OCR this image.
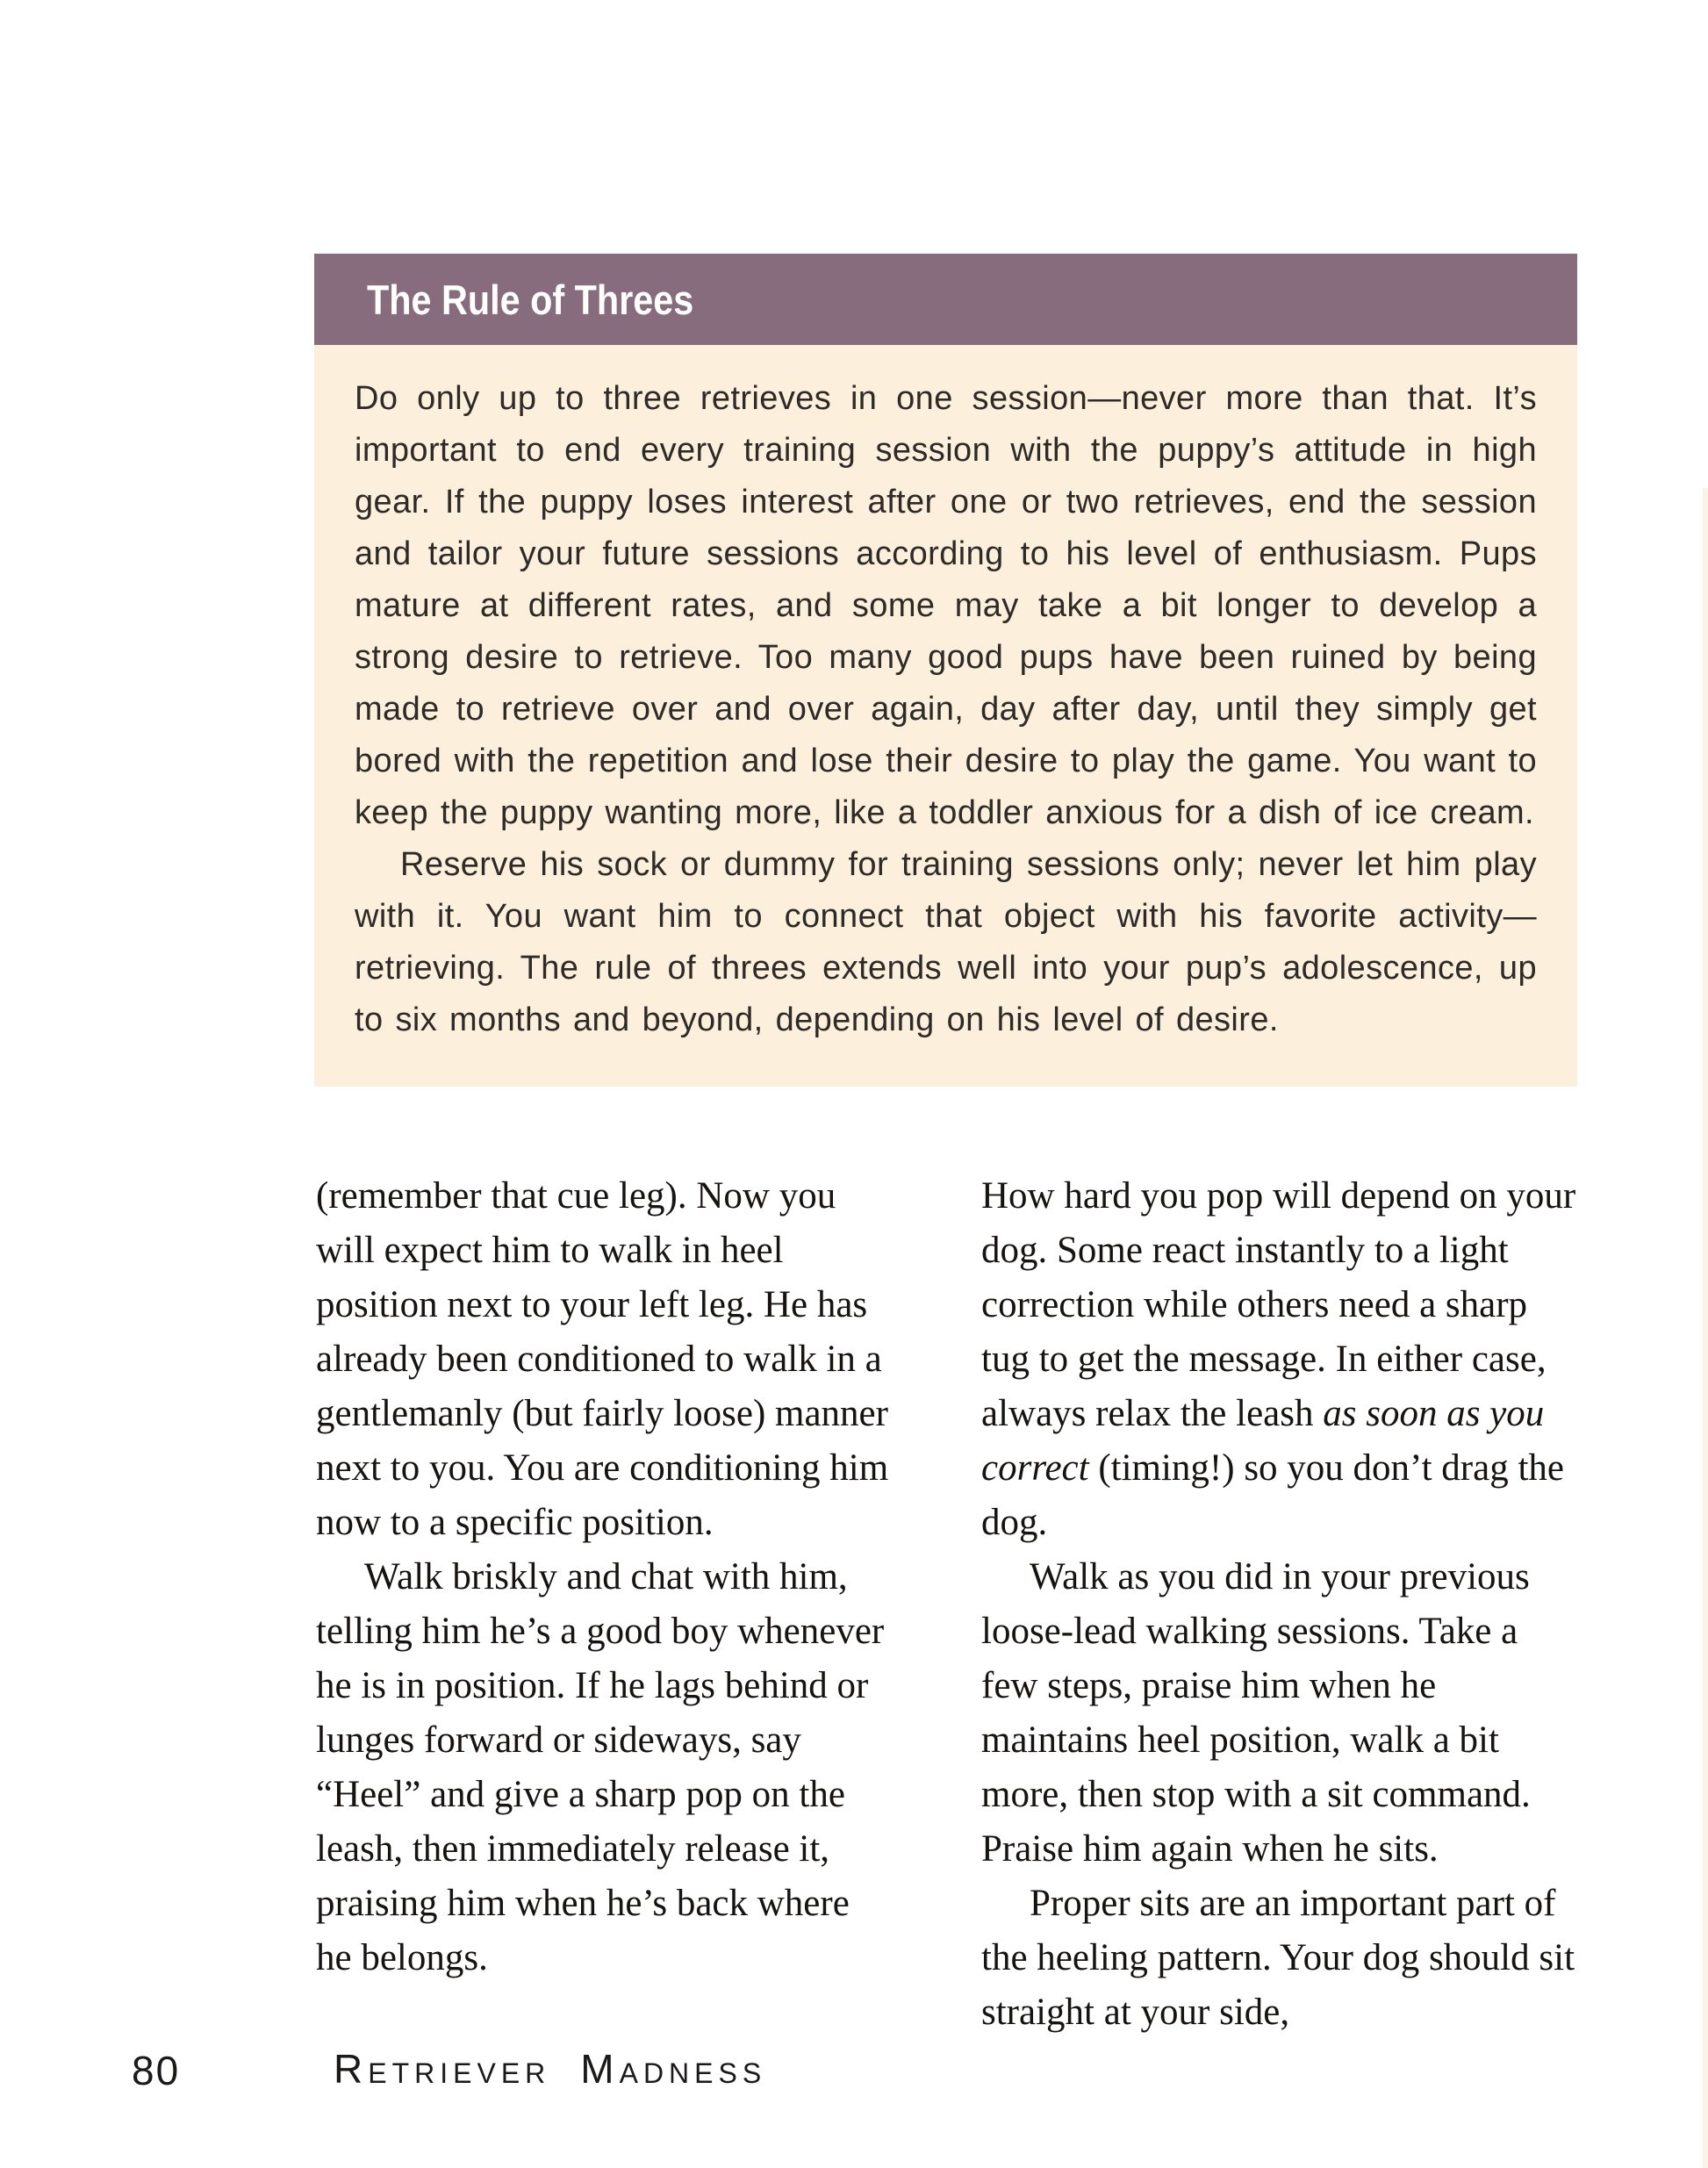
The Rule of Threes

Do only up to three retrieves in one session—never more than that. It’s important to end every training session with the puppy’s attitude in high gear. If the puppy loses interest after one or two retrieves, end the session and tailor your future sessions according to his level of enthusiasm. Pups mature at different rates, and some may take a bit longer to develop a strong desire to retrieve. Too many good pups have been ruined by being made to retrieve over and over again, day after day, until they simply get bored with the repetition and lose their desire to play the game. You want to keep the puppy wanting more, like a toddler anxious for a dish of ice cream.

Reserve his sock or dummy for training sessions only; never let him play with it. You want him to connect that object with his favorite activity—retrieving. The rule of threes extends well into your pup’s adolescence, up to six months and beyond, depending on his level of desire.

(remember that cue leg). Now you will expect him to walk in heel position next to your left leg. He has already been conditioned to walk in a gentlemanly (but fairly loose) manner next to you. You are conditioning him now to a specific position.

Walk briskly and chat with him, telling him he’s a good boy whenever he is in position. If he lags behind or lunges forward or sideways, say “Heel” and give a sharp pop on the leash, then immediately release it, praising him when he’s back where he belongs.

How hard you pop will depend on your dog. Some react instantly to a light correction while others need a sharp tug to get the message. In either case, always relax the leash as soon as you correct (timing!) so you don’t drag the dog.

Walk as you did in your previous loose-lead walking sessions. Take a few steps, praise him when he maintains heel position, walk a bit more, then stop with a sit command. Praise him again when he sits.

Proper sits are an important part of the heeling pattern. Your dog should sit straight at your side,

80	RETRIEVER MADNESS
